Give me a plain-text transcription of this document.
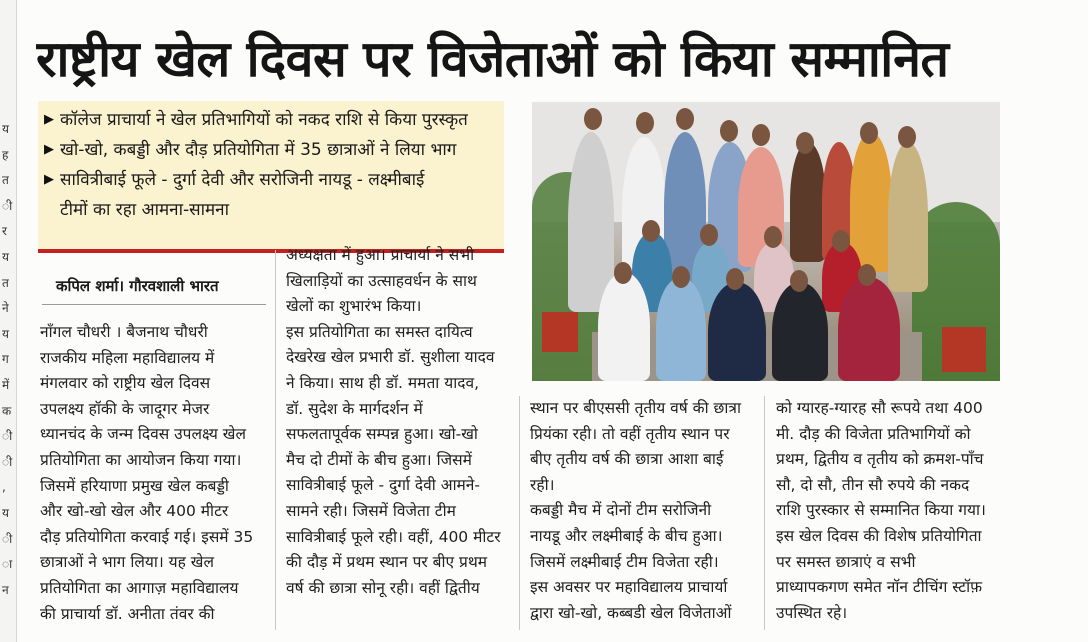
य
ह
त
ी
र
य
त
ने
य
ग
में
क
ी
ी
,
य
ी
ा
न
राष्ट्रीय खेल दिवस पर विजेताओं को किया सम्मानित
▶ कॉलेज प्राचार्या ने खेल प्रतिभागियों को नकद राशि से किया पुरस्कृत
▶ खो-खो, कबड्डी और दौड़ प्रतियोगिता में 35 छात्राओं ने लिया भाग
▶ सावित्रीबाई फूले - दुर्गा देवी और सरोजिनी नायडू - लक्ष्मीबाई
टीमों का रहा आमना-सामना
कपिल शर्मा। गौरवशाली भारत
नाँगल चौधरी । बैजनाथ चौधरी
राजकीय महिला महाविद्यालय में
मंगलवार को राष्ट्रीय खेल दिवस
उपलक्ष्य हॉकी के जादूगर मेजर
ध्यानचंद के जन्म दिवस उपलक्ष्य खेल
प्रतियोगिता का आयोजन किया गया।
जिसमें हरियाणा प्रमुख खेल कबड्डी
और खो-खो खेल और 400 मीटर
दौड़ प्रतियोगिता करवाई गई। इसमें 35
छात्राओं ने भाग लिया। यह खेल
प्रतियोगिता का आगाज़ महाविद्यालय
की प्राचार्या डॉ. अनीता तंवर की
अध्यक्षता में हुआ। प्राचार्या ने सभी
खिलाड़ियों का उत्साहवर्धन के साथ
खेलों का शुभारंभ किया।
इस प्रतियोगिता का समस्त दायित्व
देखरेख खेल प्रभारी डॉ. सुशीला यादव
ने किया। साथ ही डॉ. ममता यादव,
डॉ. सुदेश के मार्गदर्शन में
सफलतापूर्वक सम्पन्न हुआ। खो-खो
मैच दो टीमों के बीच हुआ। जिसमें
सावित्रीबाई फूले - दुर्गा देवी आमने-
सामने रही। जिसमें विजेता टीम
सावित्रीबाई फूले रही। वहीं, 400 मीटर
की दौड़ में प्रथम स्थान पर बीए प्रथम
वर्ष की छात्रा सोनू रही। वहीं द्वितीय
स्थान पर बीएससी तृतीय वर्ष की छात्रा
प्रियंका रही। तो वहीं तृतीय स्थान पर
बीए तृतीय वर्ष की छात्रा आशा बाई
रही।
कबड्डी मैच में दोनों टीम सरोजिनी
नायडू और लक्ष्मीबाई के बीच हुआ।
जिसमें लक्ष्मीबाई टीम विजेता रही।
इस अवसर पर महाविद्यालय प्राचार्या
द्वारा खो-खो, कब्बडी खेल विजेताओं
को ग्यारह-ग्यारह सौ रूपये तथा 400
मी. दौड़ की विजेता प्रतिभागियों को
प्रथम, द्वितीय व तृतीय को क्रमश-पाँच
सौ, दो सौ, तीन सौ रुपये की नकद
राशि पुरस्कार से सम्मानित किया गया।
इस खेल दिवस की विशेष प्रतियोगिता
पर समस्त छात्राएं व सभी
प्राध्यापकगण समेत नॉन टीचिंग स्टॉफ़
उपस्थित रहे।
